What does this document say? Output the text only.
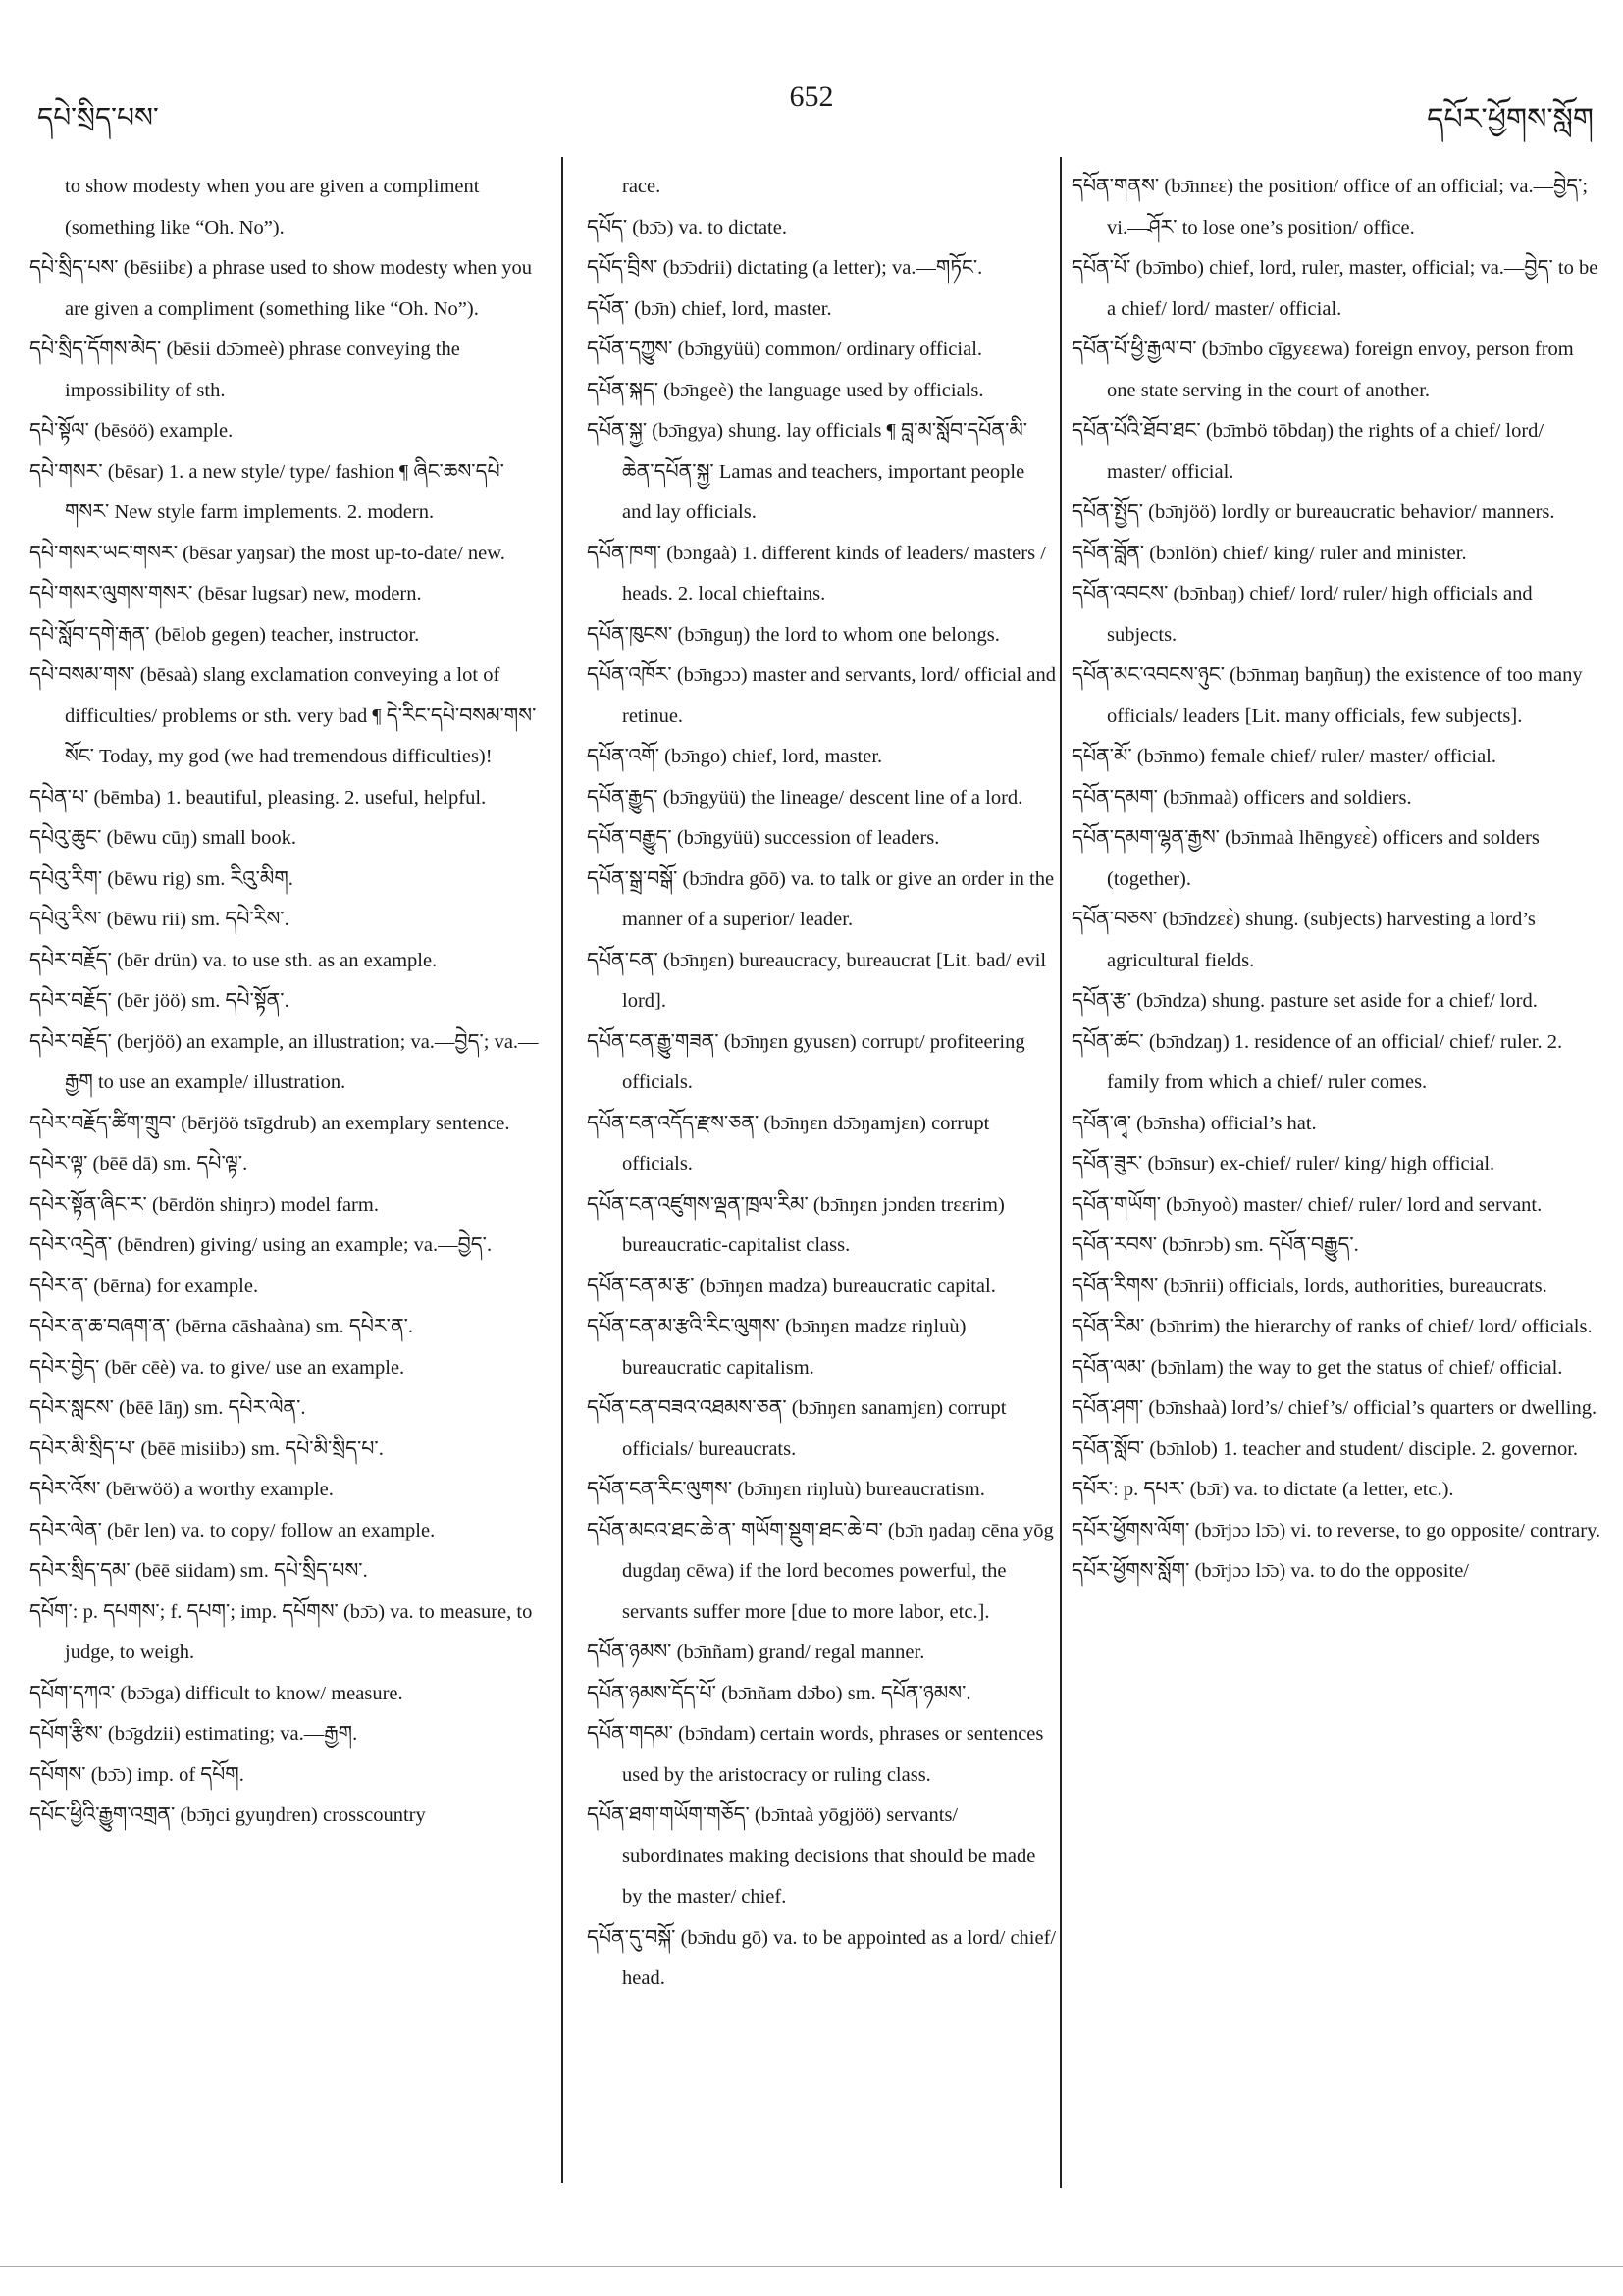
དཔེ་སྲིད་པས་
652
དཔོར་ཕྱོགས་སློག

to show modesty when you are given a compliment (something like “Oh. No”).

དཔེ་སྲིད་པས་ (bēsiibɛ) a phrase used to show modesty when you are given a compliment (something like “Oh. No”).

དཔེ་སྲིད་དོགས་མེད་ (bēsii dɔ̄ɔmeè) phrase conveying the impossibility of sth.

དཔེ་སྟོལ་ (bēsöö) example.

དཔེ་གསར་ (bēsar) 1. a new style/ type/ fashion ¶ ཞིང་ཆས་དཔེ་གསར་ New style farm implements. 2. modern.

དཔེ་གསར་ཡང་གསར་ (bēsar yaŋsar) the most up-to-date/ new.

དཔེ་གསར་ལུགས་གསར་ (bēsar lugsar) new, modern.

དཔེ་སློབ་དགེ་རྒན་ (bēlob gegen) teacher, instructor.

དཔེ་བསམ་གས་ (bēsaà) slang exclamation conveying a lot of difficulties/ problems or sth. very bad ¶ དེ་རིང་དཔེ་བསམ་གས་སོང་ Today, my god (we had tremendous difficulties)!

དཔེན་པ་ (bēmba) 1. beautiful, pleasing. 2. useful, helpful.

དཔེའུ་ཆུང་ (bēwu cūŋ) small book.

དཔེའུ་རིག་ (bēwu rig) sm. རིའུ་མིག.

དཔེའུ་རིས་ (bēwu rii) sm. དཔེ་རིས་.

དཔེར་བརྗོད་ (bēr drün) va. to use sth. as an example.

དཔེར་བརྗོད་ (bēr jöö) sm. དཔེ་སྟོན་.

དཔེར་བརྗོད་ (berjöö) an example, an illustration; va.—བྱེད་; va.—རྒྱག to use an example/ illustration.

དཔེར་བརྗོད་ཚིག་གྲུབ་ (bērjöö tsīgdrub) an exemplary sentence.

དཔེར་ལྟ་ (bēē dā) sm. དཔེ་ལྟ་.

དཔེར་སྟོན་ཞིང་ར་ (bērdön shiŋrɔ) model farm.

དཔེར་འདྲེན་ (bēndren) giving/ using an example; va.—བྱེད་.

དཔེར་ན་ (bērna) for example.

དཔེར་ན་ཆ་བཞག་ན་ (bērna cāshaàna) sm. དཔེར་ན་.

དཔེར་བྱེད་ (bēr cēè) va. to give/ use an example.

དཔེར་སླངས་ (bēē lāŋ) sm. དཔེར་ལེན་.

དཔེར་མི་སྲིད་པ་ (bēē misiibɔ) sm. དཔེ་མི་སྲིད་པ་.

དཔེར་འོས་ (bērwöö) a worthy example.

དཔེར་ལེན་ (bēr len) va. to copy/ follow an example.

དཔེར་སྲིད་དམ་ (bēē siidam) sm. དཔེ་སྲིད་པས་.

དཔོག་: p. དཔགས་; f. དཔག་; imp. དཔོགས་ (bɔ̄ɔ) va. to measure, to judge, to weigh.

དཔོག་དཀའ་ (bɔ̄ɔga) difficult to know/ measure.

དཔོག་རྩིས་ (bɔ̄gdzii) estimating; va.—རྒྱག.

དཔོགས་ (bɔ̄ɔ) imp. of དཔོག.

དཔོང་ཕྱིའི་རྒྱུག་འགྲན་ (bɔ̄ŋci gyuŋdren) crosscountry

race.

དཔོད་ (bɔ̄ɔ) va. to dictate.

དཔོད་བྲིས་ (bɔ̄ɔdrii) dictating (a letter); va.—གཏོང་.

དཔོན་ (bɔ̄n) chief, lord, master.

དཔོན་དཀྱུས་ (bɔ̄ngyüü) common/ ordinary official.

དཔོན་སྐད་ (bɔ̄ngeè) the language used by officials.

དཔོན་སྐྱ་ (bɔ̄ngya) shung. lay officials ¶ བླ་མ་སློབ་དཔོན་མི་ཆེན་དཔོན་སྐྱ་ Lamas and teachers, important people and lay officials.

དཔོན་ཁག་ (bɔ̄ngaà) 1. different kinds of leaders/ masters / heads. 2. local chieftains.

དཔོན་ཁུངས་ (bɔ̄nguŋ) the lord to whom one belongs.

དཔོན་འཁོར་ (bɔ̄ngɔɔ) master and servants, lord/ official and retinue.

དཔོན་འགོ་ (bɔ̄ngo) chief, lord, master.

དཔོན་རྒྱུད་ (bɔ̄ngyüü) the lineage/ descent line of a lord.

དཔོན་བརྒྱུད་ (bɔ̄ngyüü) succession of leaders.

དཔོན་སྒྲ་བསྒོ་ (bɔ̄ndra gōō) va. to talk or give an order in the manner of a superior/ leader.

དཔོན་ངན་ (bɔ̄nŋɛn) bureaucracy, bureaucrat [Lit. bad/ evil lord].

དཔོན་ངན་རྒྱུ་གཟན་ (bɔ̄nŋɛn gyusɛn) corrupt/ profiteering officials.

དཔོན་ངན་འདོད་རྫས་ཅན་ (bɔ̄nŋɛn dɔ̄ɔŋamjɛn) corrupt officials.

དཔོན་ངན་འཛུགས་ལྡན་ཁྲལ་རིམ་ (bɔ̄nŋɛn jɔndɛn trɛɛrim) bureaucratic-capitalist class.

དཔོན་ངན་མ་རྩ་ (bɔ̄nŋɛn madza) bureaucratic capital.

དཔོན་ངན་མ་རྩའི་རིང་ལུགས་ (bɔ̄nŋɛn madzɛ riŋluù) bureaucratic capitalism.

དཔོན་ངན་བཟའ་འཐམས་ཅན་ (bɔ̄nŋɛn sanamjɛn) corrupt officials/ bureaucrats.

དཔོན་ངན་རིང་ལུགས་ (bɔ̄nŋɛn riŋluù) bureaucratism.

དཔོན་མངའ་ཐང་ཆེ་ན་ གཡོག་སྡུག་ཐང་ཆེ་བ་ (bɔ̄n ŋadaŋ cēna yōg dugdaŋ cēwa) if the lord becomes powerful, the servants suffer more [due to more labor, etc.].

དཔོན་ཉམས་ (bɔ̄nñam) grand/ regal manner.

དཔོན་ཉམས་དོད་པོ་ (bɔ̄nñam dɔ̄bo) sm. དཔོན་ཉམས་.

དཔོན་གདམ་ (bɔ̄ndam) certain words, phrases or sentences used by the aristocracy or ruling class.

དཔོན་ཐག་གཡོག་གཅོད་ (bɔ̄ntaà yōgjöö) servants/ subordinates making decisions that should be made by the master/ chief.

དཔོན་དུ་བསྐོ་ (bɔ̄ndu gō) va. to be appointed as a lord/ chief/ head.

དཔོན་གནས་ (bɔ̄nnɛɛ) the position/ office of an official; va.—བྱེད་; vi.—ཤོར་ to lose one’s position/ office.

དཔོན་པོ་ (bɔ̄mbo) chief, lord, ruler, master, official; va.—བྱེད་ to be a chief/ lord/ master/ official.

དཔོན་པོ་ཕྱི་རྒྱལ་བ་ (bɔ̄mbo cīgyɛɛwa) foreign envoy, person from one state serving in the court of another.

དཔོན་པོའི་ཐོབ་ཐང་ (bɔ̄mbö tōbdaŋ) the rights of a chief/ lord/ master/ official.

དཔོན་སྤྱོད་ (bɔ̄njöö) lordly or bureaucratic behavior/ manners.

དཔོན་བློན་ (bɔ̄nlön) chief/ king/ ruler and minister.

དཔོན་འབངས་ (bɔ̄nbaŋ) chief/ lord/ ruler/ high officials and subjects.

དཔོན་མང་འབངས་ཉུང་ (bɔ̄nmaŋ baŋñuŋ) the existence of too many officials/ leaders [Lit. many officials, few subjects].

དཔོན་མོ་ (bɔ̄nmo) female chief/ ruler/ master/ official.

དཔོན་དམག་ (bɔ̄nmaà) officers and soldiers.

དཔོན་དམག་ལྷན་རྒྱས་ (bɔ̄nmaà lhēngyɛɛ̀) officers and solders (together).

དཔོན་བཅས་ (bɔ̄ndzɛɛ̀) shung. (subjects) harvesting a lord’s agricultural fields.

དཔོན་རྩ་ (bɔ̄ndza) shung. pasture set aside for a chief/ lord.

དཔོན་ཚང་ (bɔ̄ndzaŋ) 1. residence of an official/ chief/ ruler. 2. family from which a chief/ ruler comes.

དཔོན་ཞྭ་ (bɔ̄nsha) official’s hat.

དཔོན་ཟུར་ (bɔ̄nsur) ex-chief/ ruler/ king/ high official.

དཔོན་གཡོག་ (bɔ̄nyoò) master/ chief/ ruler/ lord and servant.

དཔོན་རབས་ (bɔ̄nrɔb) sm. དཔོན་བརྒྱུད་.

དཔོན་རིགས་ (bɔ̄nrii) officials, lords, authorities, bureaucrats.

དཔོན་རིམ་ (bɔ̄nrim) the hierarchy of ranks of chief/ lord/ officials.

དཔོན་ལམ་ (bɔ̄nlam) the way to get the status of chief/ official.

དཔོན་ཤག་ (bɔ̄nshaà) lord’s/ chief’s/ official’s quarters or dwelling.

དཔོན་སློབ་ (bɔ̄nlob) 1. teacher and student/ disciple. 2. governor.

དཔོར་: p. དཔར་ (bɔ̄r) va. to dictate (a letter, etc.).

དཔོར་ཕྱོགས་ལོག་ (bɔ̄rjɔɔ lɔ̄ɔ) vi. to reverse, to go opposite/ contrary.

དཔོར་ཕྱོགས་སློག་ (bɔ̄rjɔɔ lɔ̄ɔ) va. to do the opposite/
